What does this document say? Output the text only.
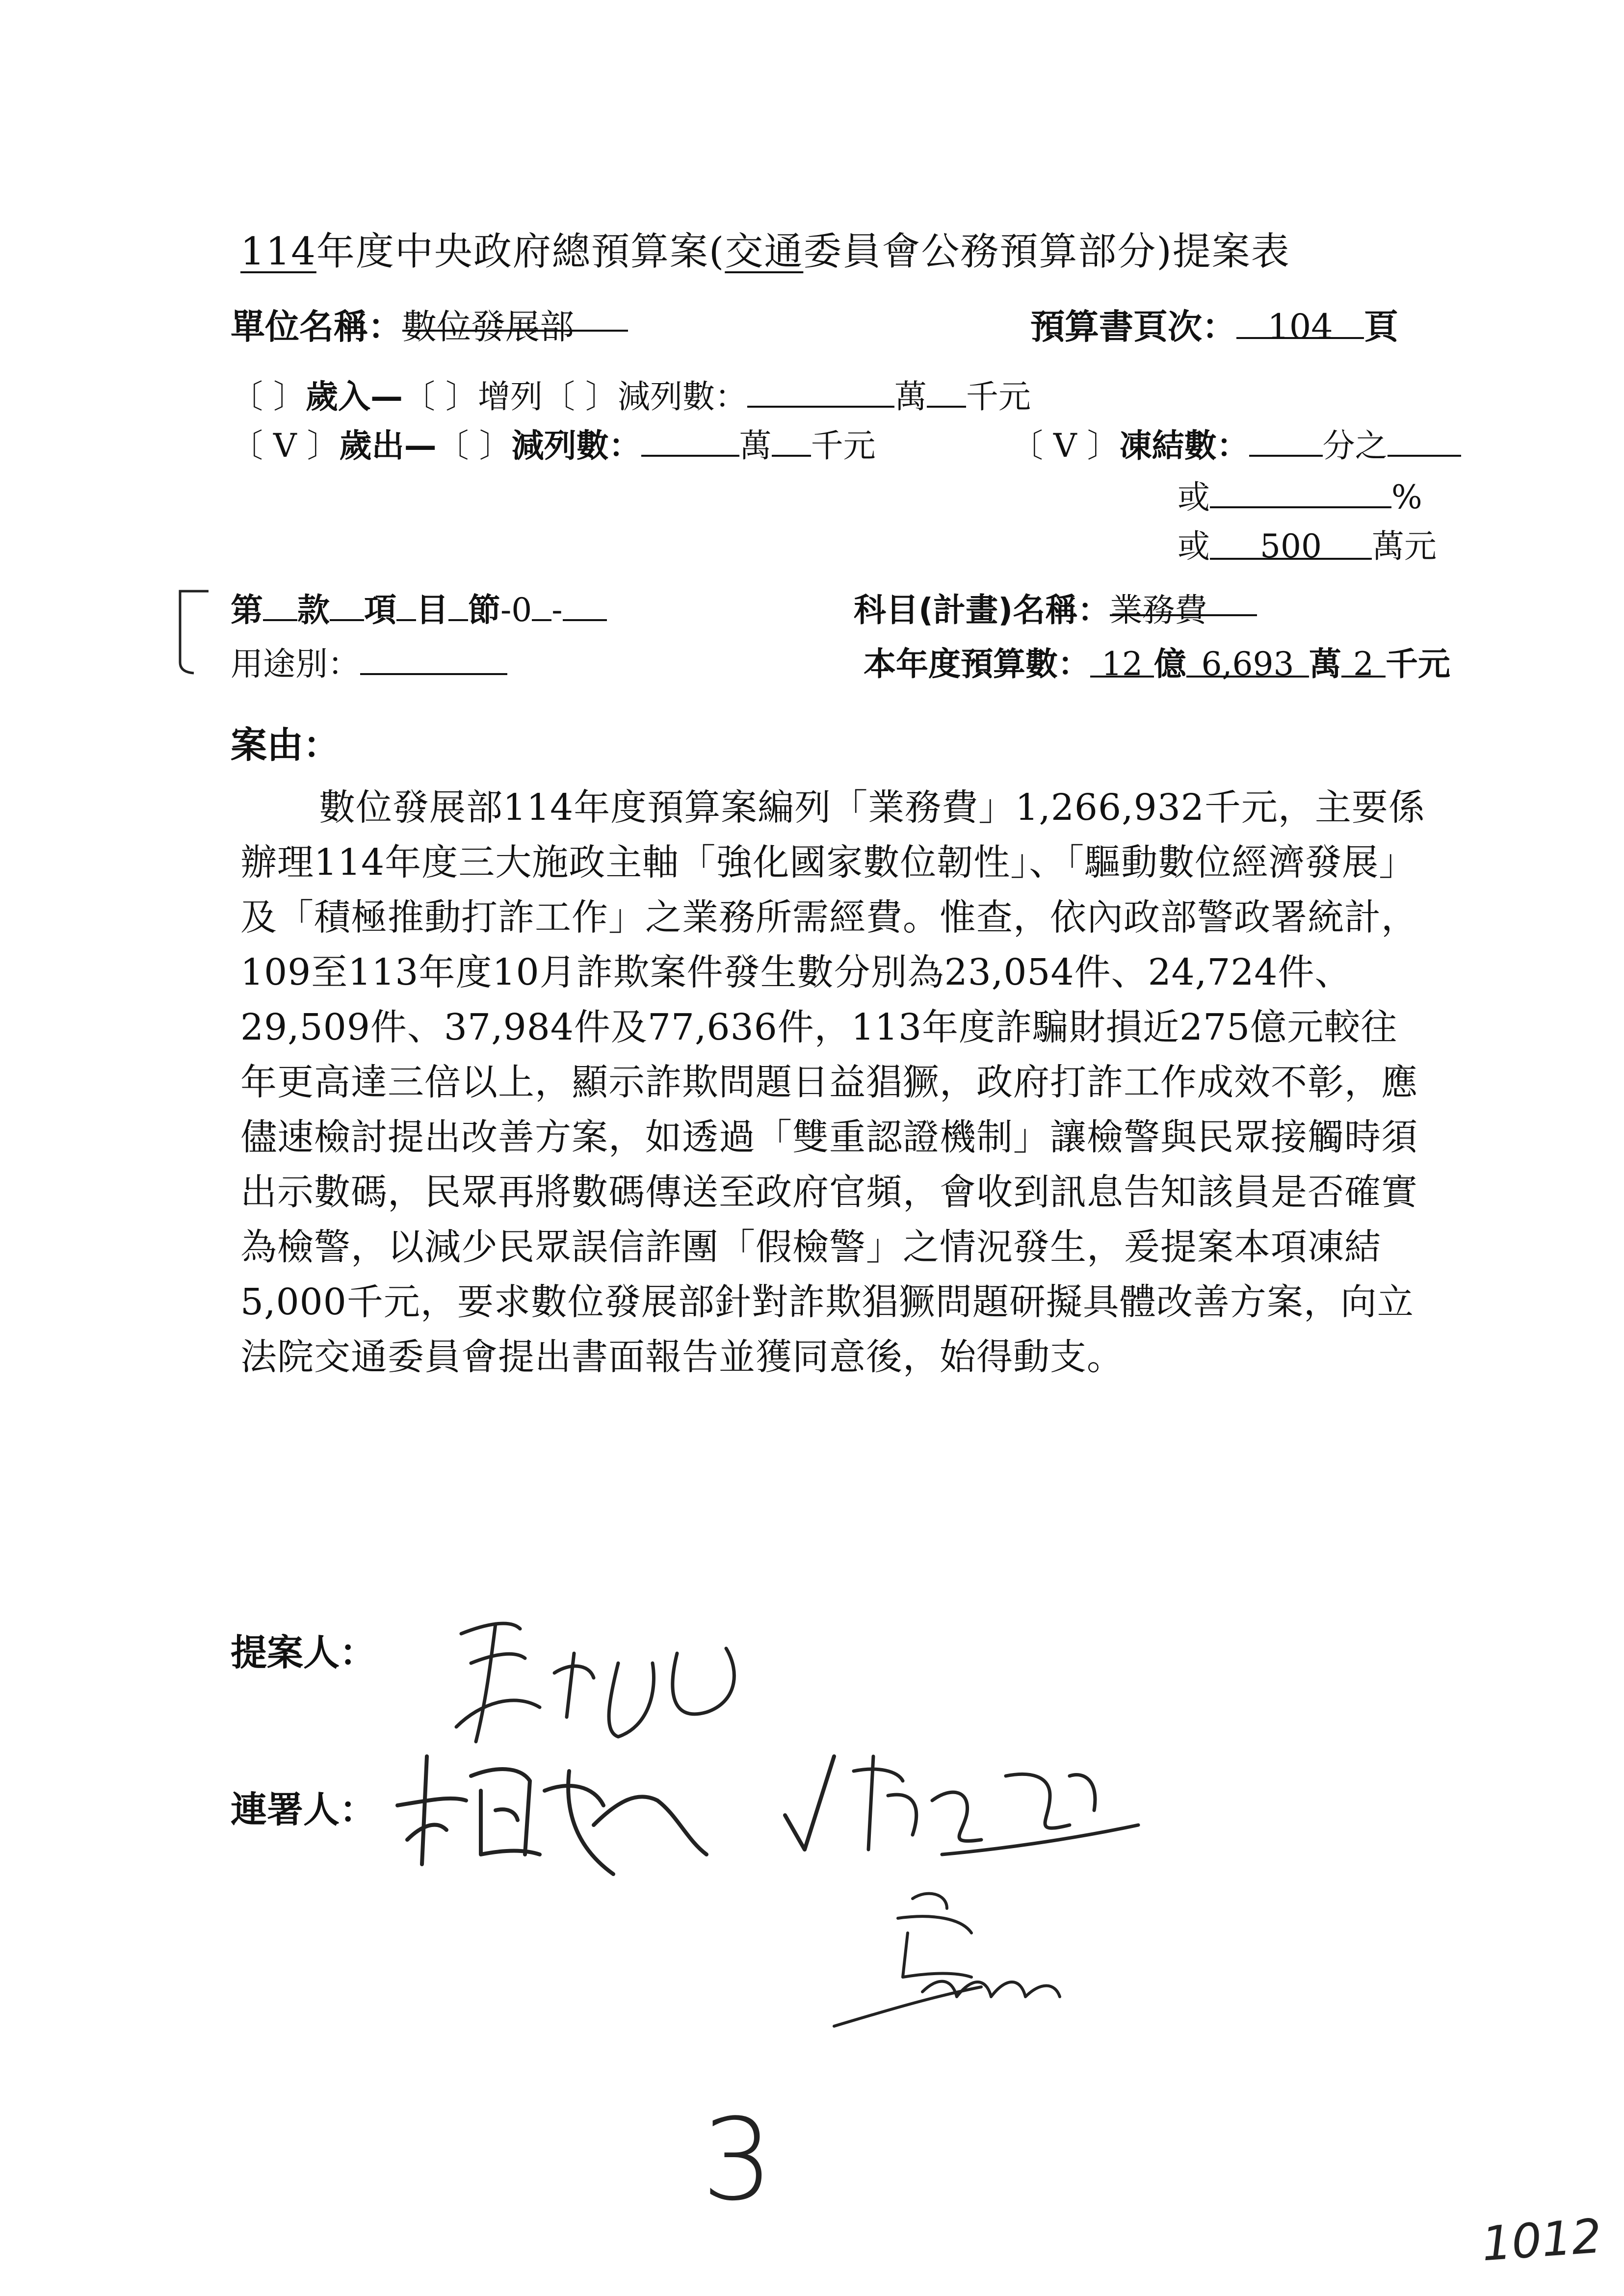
114年度中央政府總預算案(交通委員會公務預算部分)提案表
單位名稱：數位發展部	預算書頁次： 104 頁
〔 〕歲入—〔 〕增列〔 〕減列數：	萬 千元
〔 V 〕歲出—〔 〕減列數：	萬 千元	〔 V 〕凍結數： 分之
或	%
或 500 萬元
第 款 項 目 節-0 -	科目(計畫)名稱：業務費
用途別：	本年度預算數： 12 億 6,693 萬 2 千元
案由：

數位發展部114年度預算案編列「業務費」1,266,932千元，主要係辦理114年度三大施政主軸「強化國家數位韌性」、「驅動數位經濟發展」及「積極推動打詐工作」之業務所需經費。惟查，依內政部警政署統計，109至113年度10月詐欺案件發生數分別為23,054件、24,724件、29,509件、37,984件及77,636件，113年度詐騙財損近275億元較往年更高達三倍以上，顯示詐欺問題日益猖獗，政府打詐工作成效不彰，應儘速檢討提出改善方案，如透過「雙重認證機制」讓檢警與民眾接觸時須出示數碼，民眾再將數碼傳送至政府官頻，會收到訊息告知該員是否確實為檢警，以減少民眾誤信詐團「假檢警」之情況發生，爰提案本項凍結5,000千元，要求數位發展部針對詐欺猖獗問題研擬具體改善方案，向立法院交通委員會提出書面報告並獲同意後，始得動支。

提案人：
連署人：
3
1012
